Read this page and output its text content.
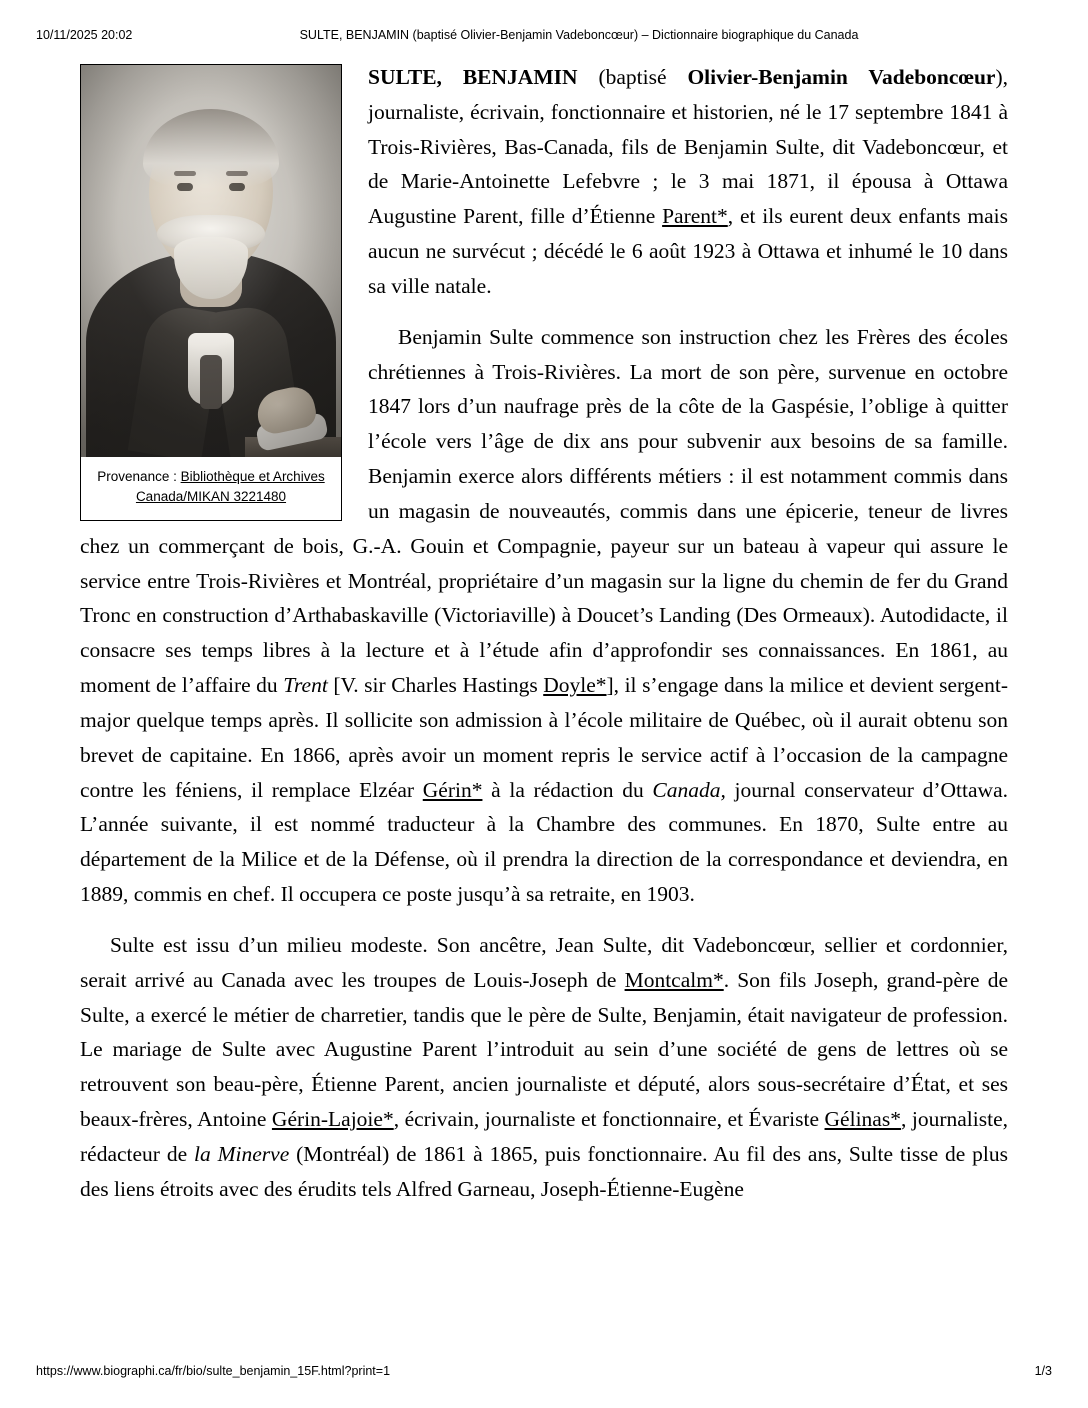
10/11/2025 20:02	SULTE, BENJAMIN (baptisé Olivier-Benjamin Vadeboncœur) – Dictionnaire biographique du Canada
Provenance : Bibliothèque et Archives Canada/MIKAN 3221480

SULTE, BENJAMIN (baptisé Olivier-Benjamin Vadeboncœur), journaliste, écrivain, fonctionnaire et historien, né le 17 septembre 1841 à Trois-Rivières, Bas-Canada, fils de Benjamin Sulte, dit Vadeboncœur, et de Marie-Antoinette Lefebvre ; le 3 mai 1871, il épousa à Ottawa Augustine Parent, fille d’Étienne Parent*, et ils eurent deux enfants mais aucun ne survécut ; décédé le 6 août 1923 à Ottawa et inhumé le 10 dans sa ville natale.

Benjamin Sulte commence son instruction chez les Frères des écoles chrétiennes à Trois-Rivières. La mort de son père, survenue en octobre 1847 lors d’un naufrage près de la côte de la Gaspésie, l’oblige à quitter l’école vers l’âge de dix ans pour subvenir aux besoins de sa famille. Benjamin exerce alors différents métiers : il est notamment commis dans un magasin de nouveautés, commis dans une épicerie, teneur de livres chez un commerçant de bois, G.-A. Gouin et Compagnie, payeur sur un bateau à vapeur qui assure le service entre Trois-Rivières et Montréal, propriétaire d’un magasin sur la ligne du chemin de fer du Grand Tronc en construction d’Arthabaskaville (Victoriaville) à Doucet’s Landing (Des Ormeaux). Autodidacte, il consacre ses temps libres à la lecture et à l’étude afin d’approfondir ses connaissances. En 1861, au moment de l’affaire du Trent [V. sir Charles Hastings Doyle*], il s’engage dans la milice et devient sergent-major quelque temps après. Il sollicite son admission à l’école militaire de Québec, où il aurait obtenu son brevet de capitaine. En 1866, après avoir un moment repris le service actif à l’occasion de la campagne contre les féniens, il remplace Elzéar Gérin* à la rédaction du Canada, journal conservateur d’Ottawa. L’année suivante, il est nommé traducteur à la Chambre des communes. En 1870, Sulte entre au département de la Milice et de la Défense, où il prendra la direction de la correspondance et deviendra, en 1889, commis en chef. Il occupera ce poste jusqu’à sa retraite, en 1903.

Sulte est issu d’un milieu modeste. Son ancêtre, Jean Sulte, dit Vadeboncœur, sellier et cordonnier, serait arrivé au Canada avec les troupes de Louis-Joseph de Montcalm*. Son fils Joseph, grand-père de Sulte, a exercé le métier de charretier, tandis que le père de Sulte, Benjamin, était navigateur de profession. Le mariage de Sulte avec Augustine Parent l’introduit au sein d’une société de gens de lettres où se retrouvent son beau-père, Étienne Parent, ancien journaliste et député, alors sous-secrétaire d’État, et ses beaux-frères, Antoine Gérin-Lajoie*, écrivain, journaliste et fonctionnaire, et Évariste Gélinas*, journaliste, rédacteur de la Minerve (Montréal) de 1861 à 1865, puis fonctionnaire. Au fil des ans, Sulte tisse de plus des liens étroits avec des érudits tels Alfred Garneau, Joseph-Étienne-Eugène

https://www.biographi.ca/fr/bio/sulte_benjamin_15F.html?print=1	1/3
